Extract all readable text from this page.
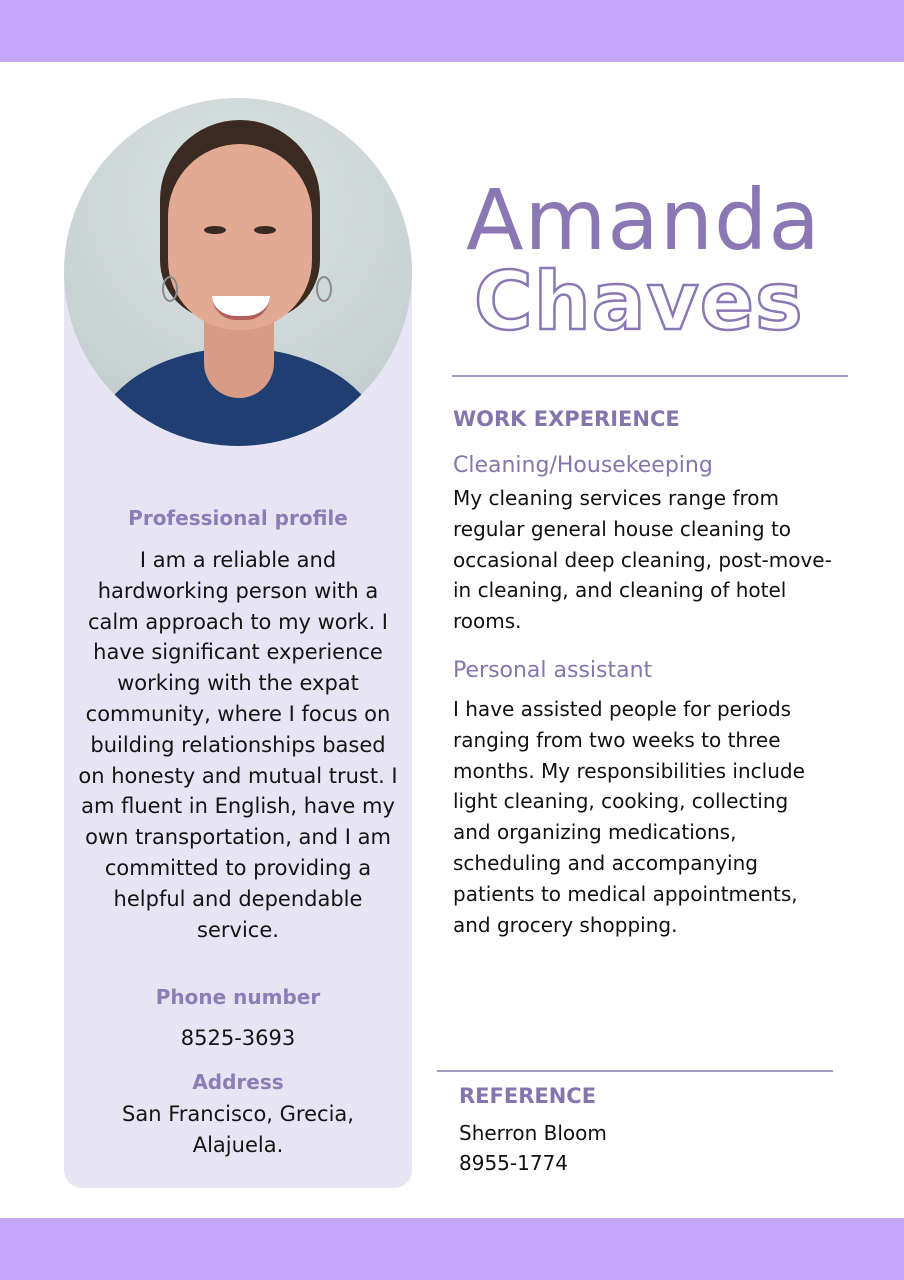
Professional profile
I am a reliable and hardworking person with a calm approach to my work. I have significant experience working with the expat community, where I focus on building relationships based on honesty and mutual trust. I am fluent in English, have my own transportation, and I am committed to providing a helpful and dependable service.
Phone number
8525-3693
Address
San Francisco, Grecia, Alajuela.
Amanda
Chaves
WORK EXPERIENCE
Cleaning/Housekeeping
My cleaning services range from regular general house cleaning to occasional deep cleaning, post-move-in cleaning, and cleaning of hotel rooms.
Personal assistant
I have assisted people for periods ranging from two weeks to three months. My responsibilities include light cleaning, cooking, collecting and organizing medications, scheduling and accompanying patients to medical appointments, and grocery shopping.
REFERENCE
Sherron Bloom
8955-1774
